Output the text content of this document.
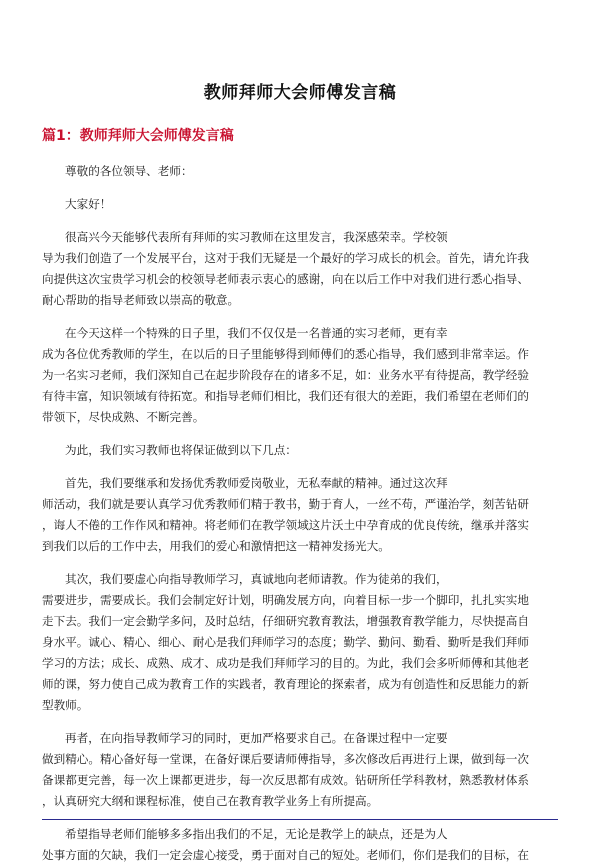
教师拜师大会师傅发言稿
篇1：教师拜师大会师傅发言稿
尊敬的各位领导、老师：
大家好！
很高兴今天能够代表所有拜师的实习教师在这里发言，我深感荣幸。学校领
导为我们创造了一个发展平台，这对于我们无疑是一个最好的学习成长的机会。首先，请允许我
向提供这次宝贵学习机会的校领导老师表示衷心的感谢，向在以后工作中对我们进行悉心指导、
耐心帮助的指导老师致以崇高的敬意。
在今天这样一个特殊的日子里，我们不仅仅是一名普通的实习老师，更有幸
成为各位优秀教师的学生，在以后的日子里能够得到师傅们的悉心指导，我们感到非常幸运。作
为一名实习老师，我们深知自己在起步阶段存在的诸多不足，如：业务水平有待提高，教学经验
有待丰富，知识领域有待拓宽。和指导老师们相比，我们还有很大的差距，我们希望在老师们的
带领下，尽快成熟、不断完善。
为此，我们实习教师也将保证做到以下几点：
首先，我们要继承和发扬优秀教师爱岗敬业，无私奉献的精神。通过这次拜
师活动，我们就是要认真学习优秀教师们精于教书，勤于育人，一丝不苟，严谨治学，刻苦钻研
，诲人不倦的工作作风和精神。将老师们在教学领域这片沃土中孕育成的优良传统，继承并落实
到我们以后的工作中去，用我们的爱心和激情把这一精神发扬光大。
其次，我们要虚心向指导教师学习，真诚地向老师请教。作为徒弟的我们，
需要进步，需要成长。我们会制定好计划，明确发展方向，向着目标一步一个脚印，扎扎实实地
走下去。我们一定会勤学多问，及时总结，仔细研究教育教法，增强教育教学能力，尽快提高自
身水平。诚心、精心、细心、耐心是我们拜师学习的态度；勤学、勤问、勤看、勤听是我们拜师
学习的方法；成长、成熟、成才、成功是我们拜师学习的目的。为此，我们会多听师傅和其他老
师的课，努力使自己成为教育工作的实践者，教育理论的探索者，成为有创造性和反思能力的新
型教师。
再者，在向指导教师学习的同时，更加严格要求自己。在备课过程中一定要
做到精心。精心备好每一堂课，在备好课后要请师傅指导，多次修改后再进行上课，做到每一次
备课都更完善，每一次上课都更进步，每一次反思都有成效。钻研所任学科教材，熟悉教材体系
，认真研究大纲和课程标准，使自己在教育教学业务上有所提高。
希望指导老师们能够多多指出我们的不足，无论是教学上的缺点，还是为人
处事方面的欠缺，我们一定会虚心接受，勇于面对自己的短处。老师们，你们是我们的目标，在
